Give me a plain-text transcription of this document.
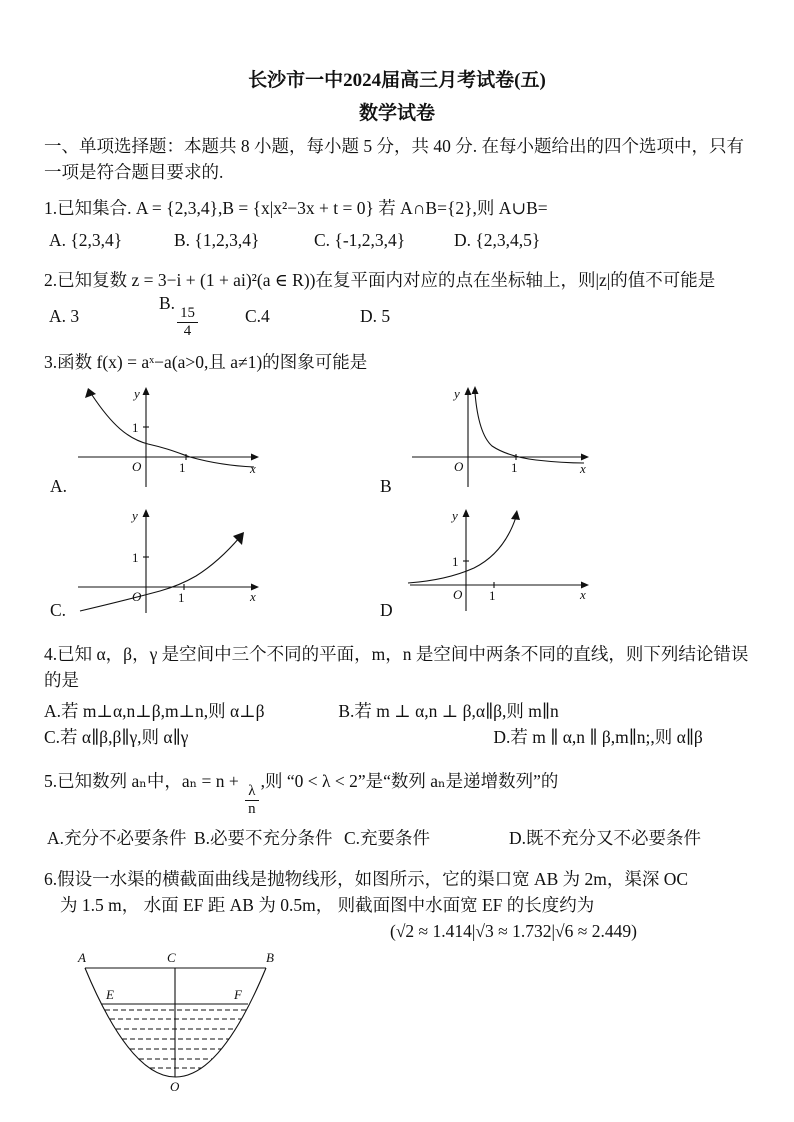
长沙市一中2024届高三月考试卷(五)
数学试卷

一、单项选择题：本题共 8 小题，每小题 5 分，共 40 分. 在每小题给出的四个选项中，只有一项是符合题目要求的.

1.已知集合. A = {2,3,4},B = {x|x²−3x + t = 0} 若 A∩B={2},则 A∪B=

A. {2,3,4}	B. {1,2,3,4}	C. {-1,2,3,4}	D. {2,3,4,5}

2.已知复数 z = 3−i + (1 + ai)²(a ∈ R))在复平面内对应的点在坐标轴上，则|z|的值不可能是

A. 3
B.
$\frac{15}{4}$	C.4	D. 5

3.函数 f(x) = aˣ−a(a>0,且 a≠1)的图象可能是

y
x
O
1
1
A.
y
x
O	1
B
y
x
O
1
1
C.
y
x
O
1
1
D

4.已知 α，β，γ 是空间中三个不同的平面，m，n 是空间中两条不同的直线，则下列结论错误的是

A.若 m⊥α,n⊥β,m⊥n,则 α⊥β	B.若 m ⊥ α,n ⊥ β,α∥β,则 m∥n
C.若 α∥β,β∥γ,则 α∥γ	D.若 m ∥ α,n ∥ β,m∥n;,则 α∥β

5.已知数列 aₙ中，aₙ = n +
$\frac{\lambda}{n}$
,则 “0 < λ < 2”是“数列 aₙ是递增数列”的

A.充分不必要条件 B.必要不充分条件 C.充要条件	D.既不充分又不必要条件

6.假设一水渠的横截面曲线是抛物线形，如图所示，它的渠口宽 AB 为 2m，渠深 OC

为 1.5 m， 水面 EF 距 AB 为 0.5m， 则截面图中水面宽 EF 的长度约为

(√2 ≈ 1.414|√3 ≈ 1.732|√6 ≈ 2.449)

A	C	B
E	F
O
